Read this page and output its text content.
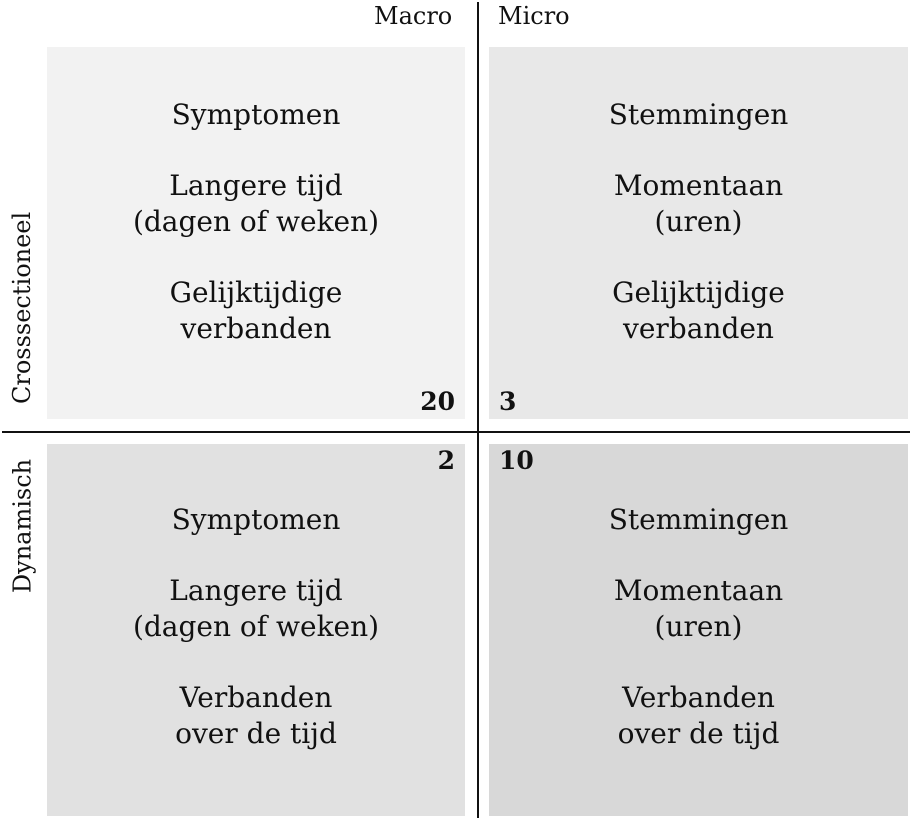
Macro Micro
Crosssectioneel
Dynamisch
Symptomen
Langere tijd
(dagen of weken)
Gelijktijdige
verbanden
20
Stemmingen
Momentaan
(uren)
Gelijktijdige
verbanden
3
Symptomen
Langere tijd
(dagen of weken)
Verbanden
over de tijd
2
Stemmingen
Momentaan
(uren)
Verbanden
over de tijd
10
